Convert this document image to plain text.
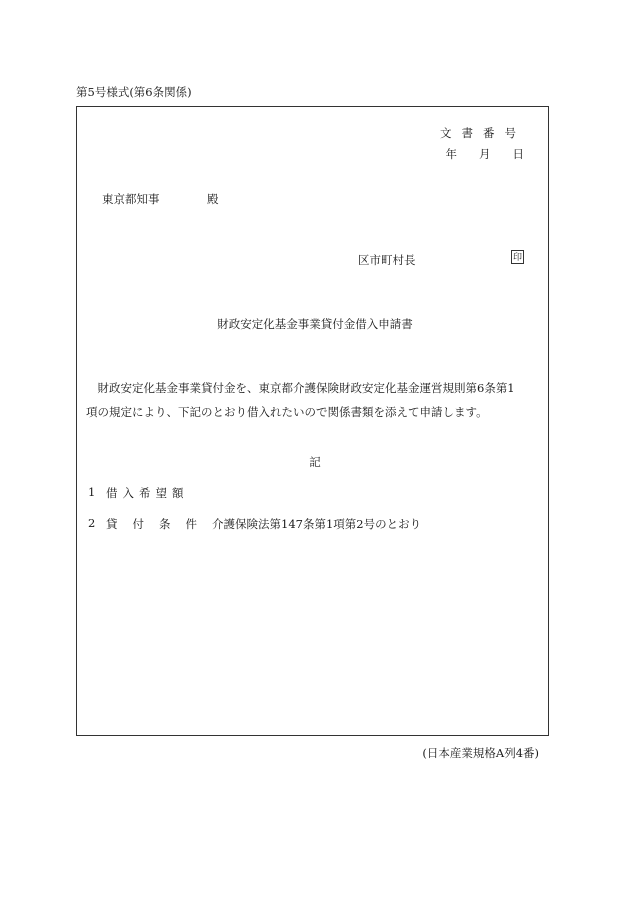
第5号様式(第6条関係)
文書番号
年 月 日
東京都知事	殿
区市町村長	印
財政安定化基金事業貸付金借入申請書
財政安定化基金事業貸付金を、東京都介護保険財政安定化基金運営規則第6条第1項の規定により、下記のとおり借入れたいので関係書類を添えて申請します。
記
1 借入希望額
2 貸付条件 介護保険法第147条第1項第2号のとおり
(日本産業規格A列4番)
